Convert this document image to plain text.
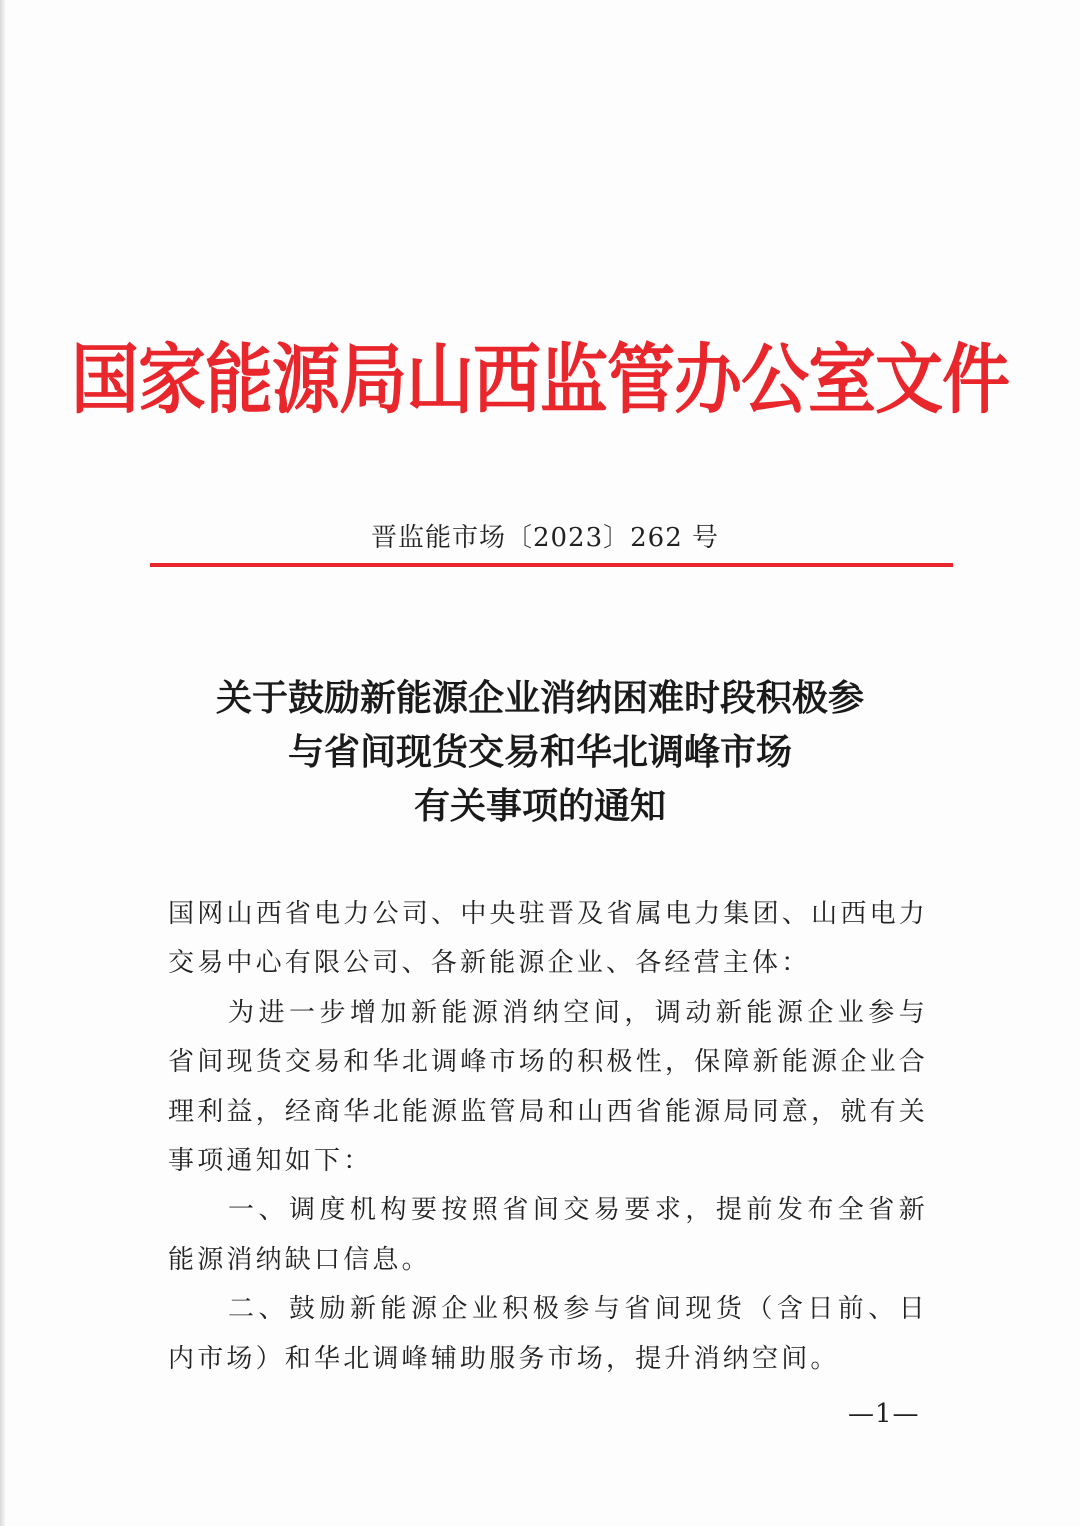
国家能源局山西监管办公室文件
晋监能市场〔2023〕262 号
关于鼓励新能源企业消纳困难时段积极参
与省间现货交易和华北调峰市场
有关事项的通知

国网山西省电力公司、中央驻晋及省属电力集团、山西电力交易中心有限公司、各新能源企业、各经营主体：

为进一步增加新能源消纳空间，调动新能源企业参与省间现货交易和华北调峰市场的积极性，保障新能源企业合理利益，经商华北能源监管局和山西省能源局同意，就有关事项通知如下：

一、调度机构要按照省间交易要求，提前发布全省新能源消纳缺口信息。

二、鼓励新能源企业积极参与省间现货（含日前、日内市场）和华北调峰辅助服务市场，提升消纳空间。

—1—
